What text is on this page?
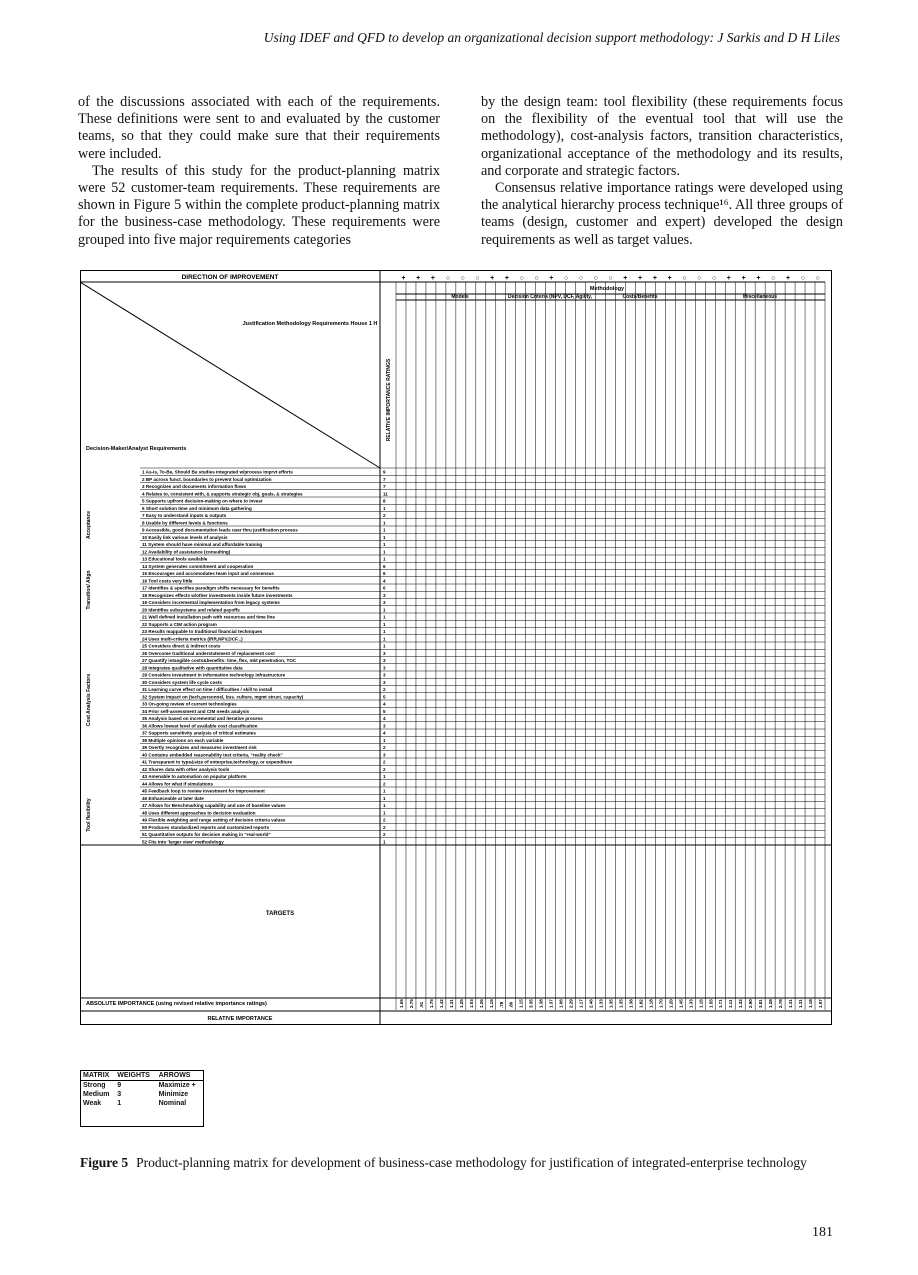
Using IDEF and QFD to develop an organizational decision support methodology: J Sarkis and D H Liles

of the discussions associated with each of the requirements. These definitions were sent to and evaluated by the customer teams, so that they could make sure that their requirements were included.

The results of this study for the product-planning matrix were 52 customer-team requirements. These requirements are shown in Figure 5 within the complete product-planning matrix for the business-case methodology. These requirements were grouped into five major requirements categories

by the design team: tool flexibility (these requirements focus on the flexibility of the eventual tool that will use the methodology), cost-analysis factors, transition characteristics, organizational acceptance of the methodology and its results, and corporate and strategic factors.

Consensus relative importance ratings were developed using the analytical hierarchy process technique¹⁶. All three groups of teams (design, customer and expert) developed the design requirements as well as target values.

DIRECTION OF IMPROVEMENT
Justification Methodology Requirements House 1 H
Decision-Maker/Analyst Requirements
Methodology
RELATIVE IMPORTANCE RATINGS
TARGETS
ABSOLUTE IMPORTANCE (using revised relative importance ratings)
RELATIVE IMPORTANCE
Models	Decision Criteria (NPV, DCF, Agility,	Costs/Benefits	Miscellaneous
+ + + ○ ○ ○ + + ○ ○ + ○ ○ ○ ○ + + + + ○ ○ ○ + + + ○ + ○ ○
1 As-Is, To-Be, Should Be studies integrated w/process imprvt efforts	9
2 BP across funct. boundaries to prevent local optimization	7
3 Recognizes and documents information flows	7
4 Relates to, consistent with, & supports strategic obj, goals, & strategies	11
5 Supports upfront decision-making on where to invest	8
6 Short solution time and minimum data gathering	1
7 Easy to understand inputs & outputs	2
8 Usable by different levels & functions	1
9 Accessible, good documentation leads user thru justification process	1
10 Easily link various levels of analysis	1
11 System should have minimal and affordable training	1
12 Availability of assistance (consulting)	1
13 Educational tools available	1
14 System generates commitment and cooperation	6
15 Encourages and accomodates team input and consensus	6
16 Tool costs very little	4
17 Identifies & specifies paradigm shifts necessary for benefits	6
18 Recognizes effects w/other investments inside future investments	3
19 Considers incremental implementation from legacy systems	3
20 Identifies subsystems and related payoffs	1
21 Well defined installation path with resources and time line	1
22 Supports a CIM action program	1
23 Results mappable to traditional financial techniques	1
24 Uses multi-criteria metrics (IRR,NPV,DCF...)	1
25 Considers direct & indirect costs	1
26 Overcome traditional understatement of replacement cost	3
27 Quantify intangible costs&benefits: time, flex, mkt penetration, TOC	3
28 Integrates qualitative with quantitative data	3
29 Considers investment in information technology infrastructure	3
30 Considers system life cycle costs	3
31 Learning curve effect on time / difficulties / skill to install	2
32 System impact on (tech,personnel, bus. culture, mgmt struct, capacity)	5
33 On-going review of current technologies	4
34 Prior self-assessment and CIM needs analysis	5
35 Analysis based on incremental and iterative process	4
36 Allows lowest level of available cost classification	3
37 Supports sensitivity analysis of critical estimates	4
38 Multiple opinions on each variable	1
39 Overtly recognizes and measures investment risk	2
40 Contains embedded reasonability test criteria, "reality check"	3
41 Transparent to type&size of enterprise,technology, or expenditure	2
42 Shares data with other analysis tools	2
43 Amenable to automation on popular platform	1
44 Allows for what if simulations	2
45 Feedback loop to review investment for improvement	1
46 Enhanceable at later date	1
47 Allows for Benchmarking capability and use of baseline values	1
48 Uses different approaches to decision evaluation	1
49 Flexible weighting and range setting of decision criteria values	2
50 Produces standardized reports and customized reports	2
51 Quantitative outputs for decision making in "real-world"	2
52 Fits into 'larger view' methodology	1
Acceptance
Transition/ Align
Cost Analysis Factors
Tool flexibility
1.65 2.75 .91 1.75 1.42 1.31 1.25 1.03 1.26 1.15 .78 .80 1.15 3.35 1.38 1.37 1.06 2.29 1.17 2.46 1.33 1.35 1.35 1.38 1.82 1.18 1.70 1.20 1.45 1.33 1.16 1.55 1.71 1.11 1.32 2.90 3.81 1.28 2.78 1.31 1.31 1.18 1.57
MATRIX	WEIGHTS	ARROWS
Strong	9	Maximize +
Medium	3	Minimize
Weak	1	Nominal
Figure 5 Product-planning matrix for development of business-case methodology for justification of integrated-enterprise technology
181
